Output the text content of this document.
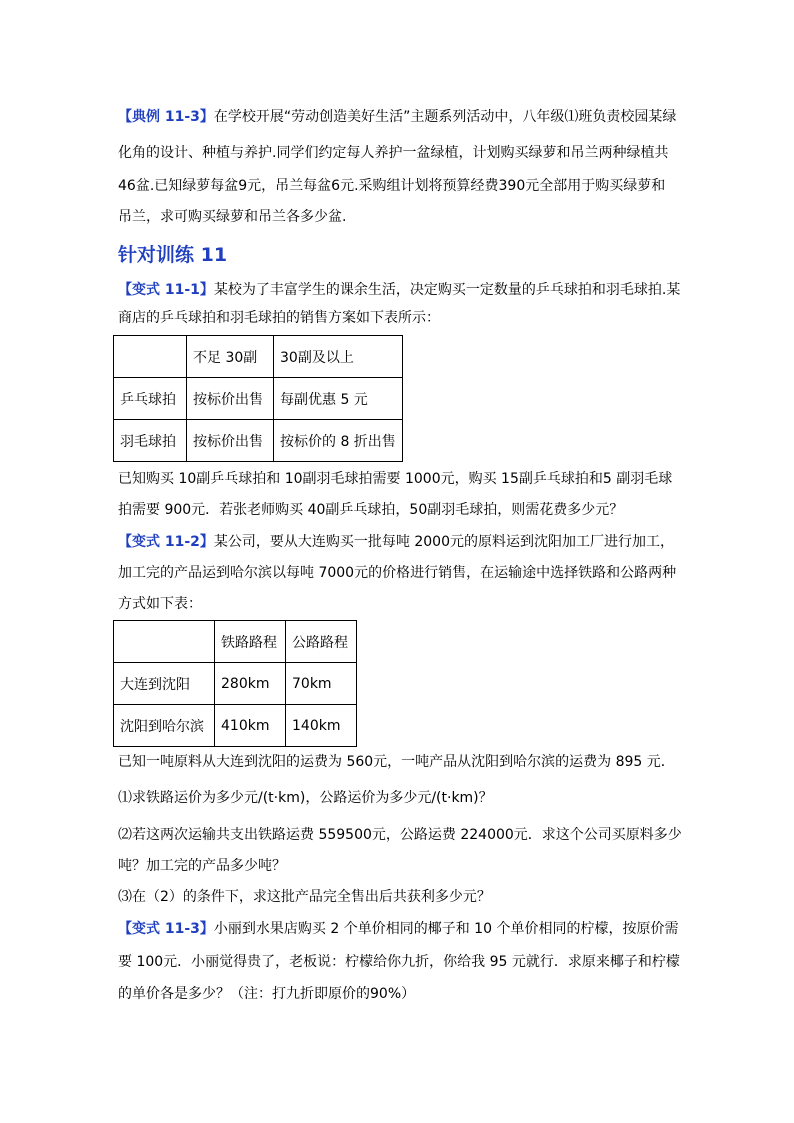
【典例 11-3】在学校开展“劳动创造美好生活”主题系列活动中，八年级⑴班负责校园某绿
化角的设计、种植与养护.同学们约定每人养护一盆绿植，计划购买绿萝和吊兰两种绿植共
46盆.已知绿萝每盆9元，吊兰每盆6元.采购组计划将预算经费390元全部用于购买绿萝和
吊兰，求可购买绿萝和吊兰各多少盆.
针对训练 11
【变式 11-1】某校为了丰富学生的课余生活，决定购买一定数量的乒乓球拍和羽毛球拍.某
商店的乒乓球拍和羽毛球拍的销售方案如下表所示：
	不足 30副	30副及以上
乒乓球拍	按标价出售	每副优惠 5 元
羽毛球拍	按标价出售	按标价的 8 折出售
已知购买 10副乒乓球拍和 10副羽毛球拍需要 1000元，购买 15副乒乓球拍和5 副羽毛球
拍需要 900元．若张老师购买 40副乒乓球拍，50副羽毛球拍，则需花费多少元？
【变式 11-2】某公司，要从大连购买一批每吨 2000元的原料运到沈阳加工厂进行加工，
加工完的产品运到哈尔滨以每吨 7000元的价格进行销售，在运输途中选择铁路和公路两种
方式如下表：
	铁路路程	公路路程
大连到沈阳	280km	70km
沈阳到哈尔滨	410km	140km
已知一吨原料从大连到沈阳的运费为 560元，一吨产品从沈阳到哈尔滨的运费为 895 元．
⑴求铁路运价为多少元/(t·km)，公路运价为多少元/(t·km)？
⑵若这两次运输共支出铁路运费 559500元，公路运费 224000元．求这个公司买原料多少
吨？加工完的产品多少吨？
⑶在（2）的条件下，求这批产品完全售出后共获利多少元？
【变式 11-3】小丽到水果店购买 2 个单价相同的椰子和 10 个单价相同的柠檬，按原价需
要 100元．小丽觉得贵了，老板说：柠檬给你九折，你给我 95 元就行．求原来椰子和柠檬
的单价各是多少？（注：打九折即原价的90%）
